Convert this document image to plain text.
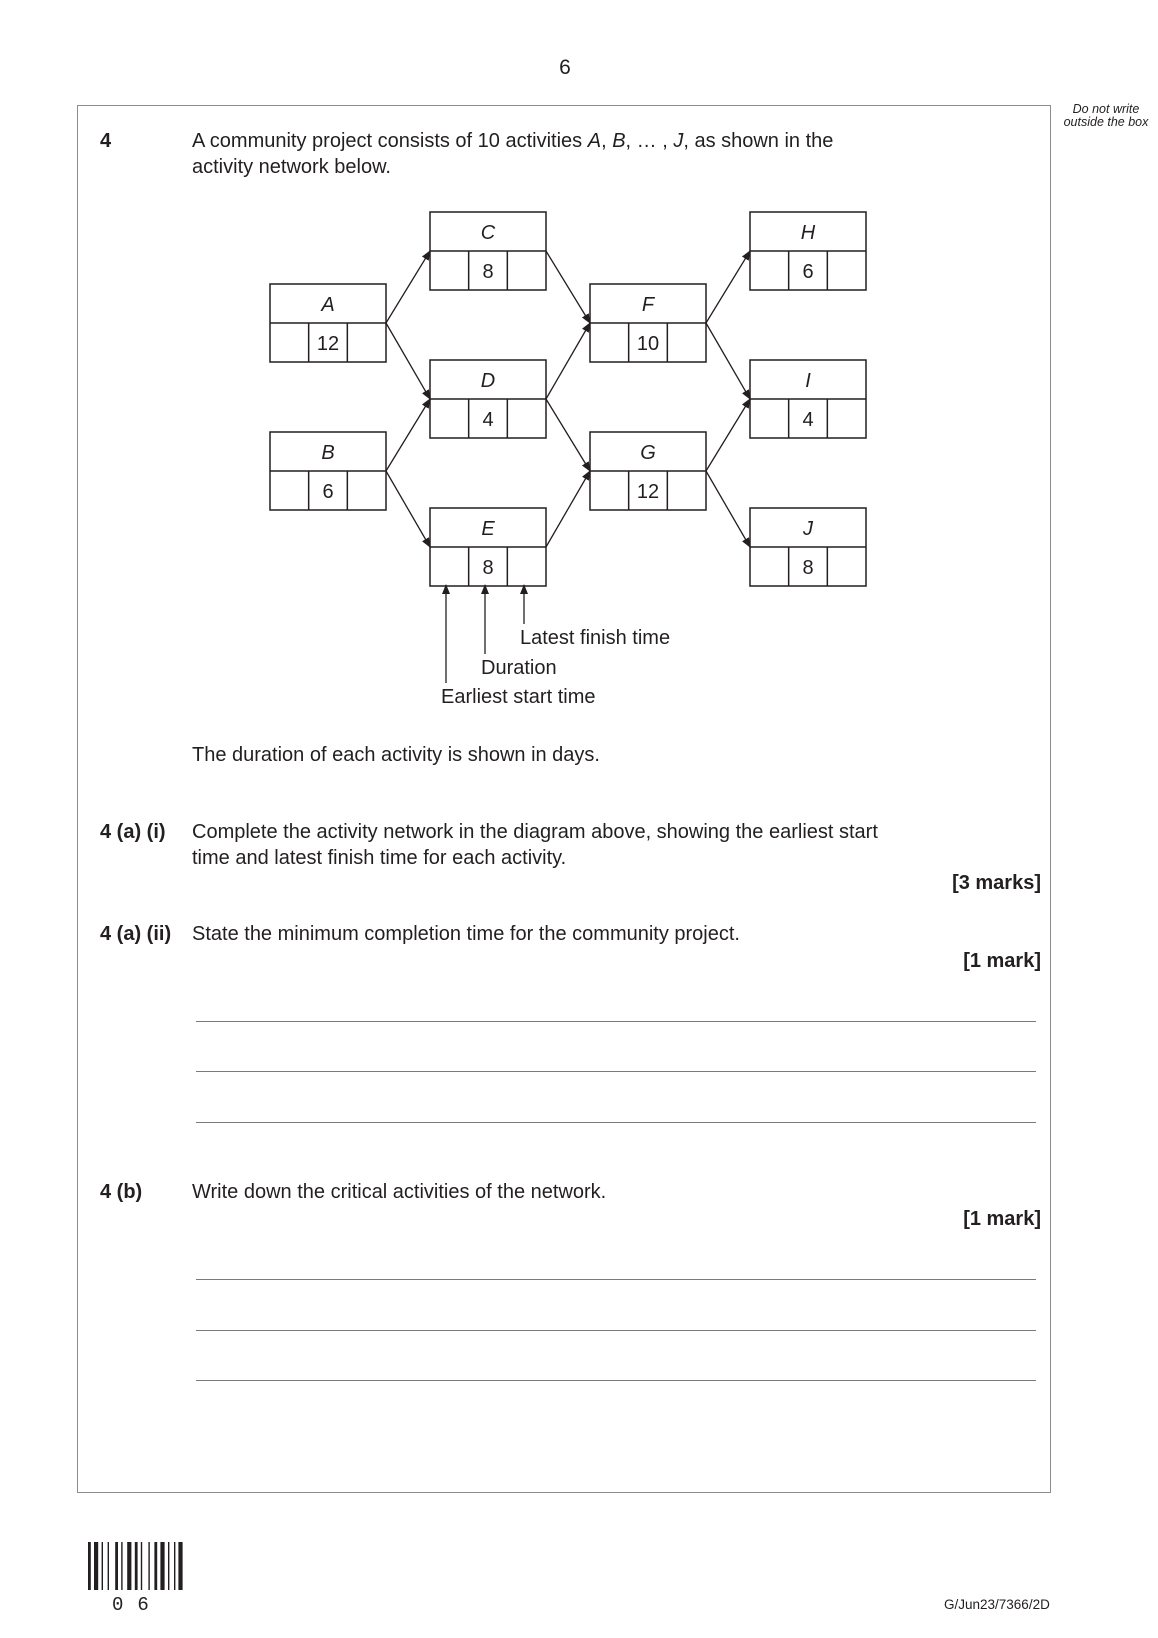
6
Do not write outside the box
4	A community project consists of 10 activities A, B, … , J, as shown in the
activity network below.
A
12
B
6
C
8
D
4
E
8
F
10
G
12
H
6
I
4
J
8
Latest finish time
Duration
Earliest start time
The duration of each activity is shown in days.
4 (a) (i) Complete the activity network in the diagram above, showing the earliest start
time and latest finish time for each activity.
[3 marks]
4 (a) (ii) State the minimum completion time for the community project.
[1 mark]
4 (b) Write down the critical activities of the network.
[1 mark]
06	G/Jun23/7366/2D
